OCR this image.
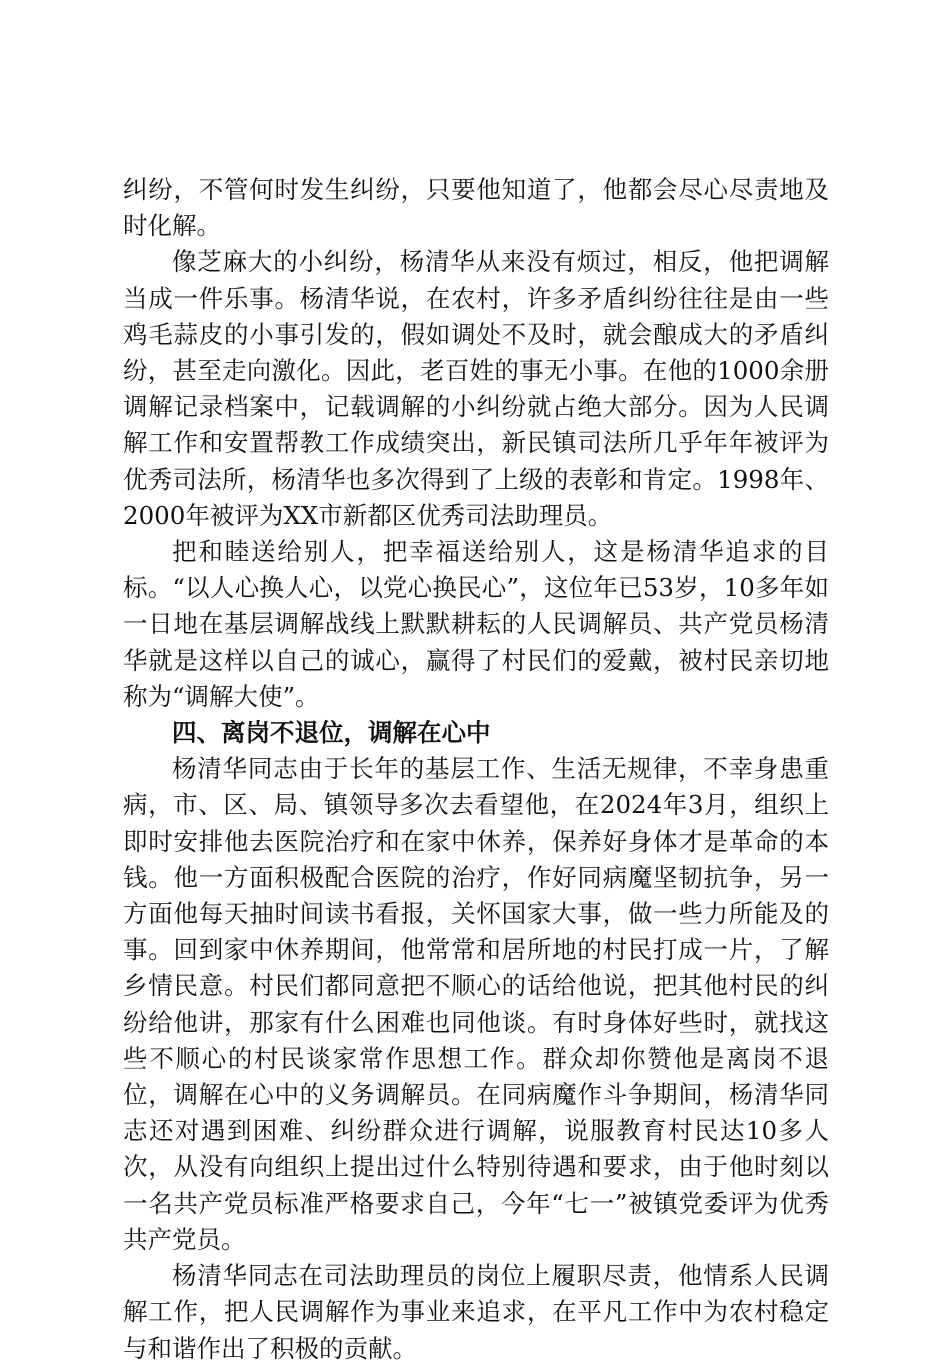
纠纷，不管何时发生纠纷，只要他知道了，他都会尽心尽责地及时化解。

像芝麻大的小纠纷，杨清华从来没有烦过，相反，他把调解当成一件乐事。杨清华说，在农村，许多矛盾纠纷往往是由一些鸡毛蒜皮的小事引发的，假如调处不及时，就会酿成大的矛盾纠纷，甚至走向激化。因此，老百姓的事无小事。在他的1000余册调解记录档案中，记载调解的小纠纷就占绝大部分。因为人民调解工作和安置帮教工作成绩突出，新民镇司法所几乎年年被评为优秀司法所，杨清华也多次得到了上级的表彰和肯定。1998年、2000年被评为XX市新都区优秀司法助理员。

把和睦送给别人，把幸福送给别人，这是杨清华追求的目标。“以人心换人心，以党心换民心”，这位年已53岁，10多年如一日地在基层调解战线上默默耕耘的人民调解员、共产党员杨清华就是这样以自己的诚心，赢得了村民们的爱戴，被村民亲切地称为“调解大使”。

四、离岗不退位，调解在心中

杨清华同志由于长年的基层工作、生活无规律，不幸身患重病，市、区、局、镇领导多次去看望他，在2024年3月，组织上即时安排他去医院治疗和在家中休养，保养好身体才是革命的本钱。他一方面积极配合医院的治疗，作好同病魔坚韧抗争，另一方面他每天抽时间读书看报，关怀国家大事，做一些力所能及的事。回到家中休养期间，他常常和居所地的村民打成一片，了解乡情民意。村民们都同意把不顺心的话给他说，把其他村民的纠纷给他讲，那家有什么困难也同他谈。有时身体好些时，就找这些不顺心的村民谈家常作思想工作。群众却你赞他是离岗不退位，调解在心中的义务调解员。在同病魔作斗争期间，杨清华同志还对遇到困难、纠纷群众进行调解，说服教育村民达10多人次，从没有向组织上提出过什么特别待遇和要求，由于他时刻以一名共产党员标准严格要求自己，今年“七一”被镇党委评为优秀共产党员。

杨清华同志在司法助理员的岗位上履职尽责，他情系人民调解工作，把人民调解作为事业来追求，在平凡工作中为农村稳定与和谐作出了积极的贡献。
